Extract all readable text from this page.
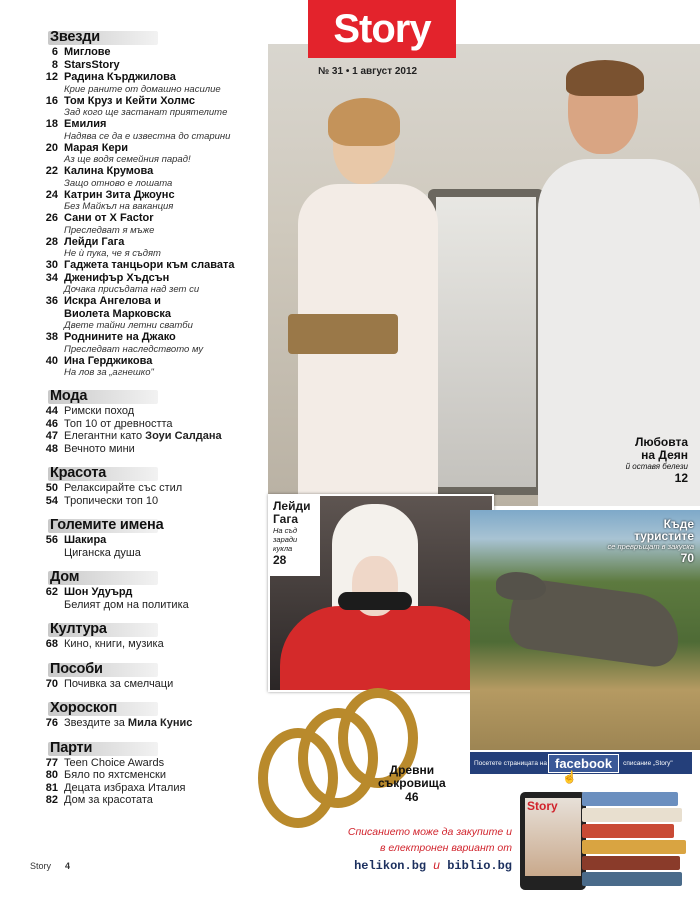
Звезди
6 Миглове
8 StarsStory
12 Радина Кърджилова
Крие раните от домашно насилие
16 Том Круз и Кейти Холмс
Зад кого ще застанат приятелите
18 Емилия
Надява се да е известна до старини
20 Марая Кери
Аз ще водя семейния парад!
22 Калина Крумова
Защо отново е лошата
24 Катрин Зита Джоунс
Без Майкъл на ваканция
26 Сани от X Factor
Преследват я мъже
28 Лейди Гага
Не ѝ пука, че я съдят
30 Гаджета танцьори към славата
34 Дженифър Хъдсън
Дочака присъдата над зет си
36 Искра Ангелова и
Виолета Марковска
Двете тайни летни сватби
38 Роднините на Джако
Преследват наследството му
40 Ина Герджикова
На лов за „агнешко"
Мода
44 Римски поход
46 Топ 10 от древността
47 Елегантни като Зоуи Салдана
48 Вечното мини
Красота
50 Релаксирайте със стил
54 Тропически топ 10
Големите имена
56 Шакира
Циганска душа
Дом
62 Шон Удуърд
Белият дом на политика
Култура
68 Кино, книги, музика
Пособи
70 Почивка за смелчаци
Хороскоп
76 Звездите за Мила Кунис
Парти
77 Teen Choice Awards
80 Бяло по яхтсменски
81 Децата избраха Италия
82 Дом за красотата
Story 4
Любовта
на Деян
й оставя белези
12
Story
№ 31 • 1 август 2012
Лейди
Гага
На съд заради кукла
28
Къде
туристите
се превръщат в закуска
70
Посетете страницата на facebook	списание „Story"
☝
Древни
съкровища
46
Списанието може да закупите и
в електронен вариант от
helikon.bg и biblio.bg
Story
